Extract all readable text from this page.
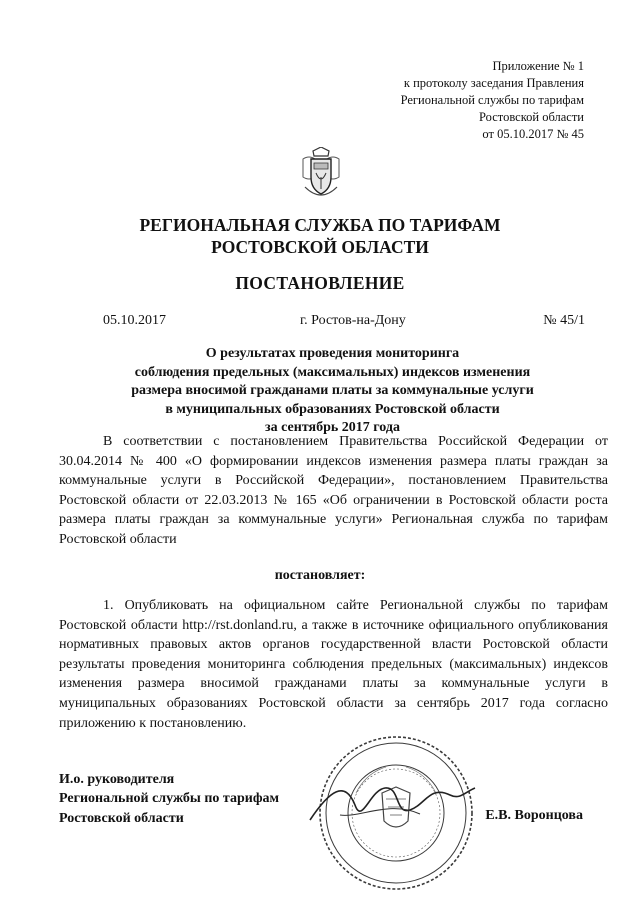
Приложение № 1
к протоколу заседания Правления
Региональной службы по тарифам
Ростовской области
от 05.10.2017 № 45
РЕГИОНАЛЬНАЯ СЛУЖБА ПО ТАРИФАМ
РОСТОВСКОЙ ОБЛАСТИ
ПОСТАНОВЛЕНИЕ
05.10.2017	г. Ростов-на-Дону	№ 45/1
О результатах проведения мониторинга
соблюдения предельных (максимальных) индексов изменения
размера вносимой гражданами платы за коммунальные услуги
в муниципальных образованиях Ростовской области
за сентябрь 2017 года

В соответствии с постановлением Правительства Российской Федерации от 30.04.2014 № 400 «О формировании индексов изменения размера платы граждан за коммунальные услуги в Российской Федерации», постановлением Правительства Ростовской области от 22.03.2013 № 165 «Об ограничении в Ростовской области роста размера платы граждан за коммунальные услуги» Региональная служба по тарифам Ростовской области

постановляет:

1. Опубликовать на официальном сайте Региональной службы по тарифам Ростовской области http://rst.donland.ru, а также в источнике официального опубликования нормативных правовых актов органов государственной власти Ростовской области результаты проведения мониторинга соблюдения предельных (максимальных) индексов изменения размера вносимой гражданами платы за коммунальные услуги в муниципальных образованиях Ростовской области за сентябрь 2017 года согласно приложению к постановлению.

И.о. руководителя
Региональной службы по тарифам
Ростовской области	Е.В. Воронцова
